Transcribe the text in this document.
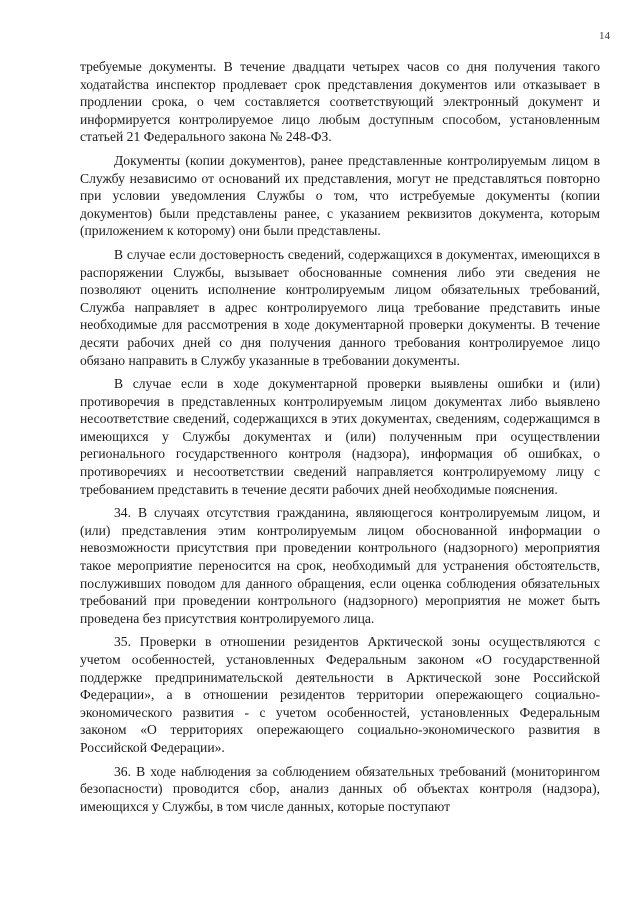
14

требуемые документы. В течение двадцати четырех часов со дня получения такого ходатайства инспектор продлевает срок представления документов или отказывает в продлении срока, о чем составляется соответствующий электронный документ и информируется контролируемое лицо любым доступным способом, установленным статьей 21 Федерального закона № 248-ФЗ.

Документы (копии документов), ранее представленные контролируемым лицом в Службу независимо от оснований их представления, могут не представляться повторно при условии уведомления Службы о том, что истребуемые документы (копии документов) были представлены ранее, с указанием реквизитов документа, которым (приложением к которому) они были представлены.

В случае если достоверность сведений, содержащихся в документах, имеющихся в распоряжении Службы, вызывает обоснованные сомнения либо эти сведения не позволяют оценить исполнение контролируемым лицом обязательных требований, Служба направляет в адрес контролируемого лица требование представить иные необходимые для рассмотрения в ходе документарной проверки документы. В течение десяти рабочих дней со дня получения данного требования контролируемое лицо обязано направить в Службу указанные в требовании документы.

В случае если в ходе документарной проверки выявлены ошибки и (или) противоречия в представленных контролируемым лицом документах либо выявлено несоответствие сведений, содержащихся в этих документах, сведениям, содержащимся в имеющихся у Службы документах и (или) полученным при осуществлении регионального государственного контроля (надзора), информация об ошибках, о противоречиях и несоответствии сведений направляется контролируемому лицу с требованием представить в течение десяти рабочих дней необходимые пояснения.

34. В случаях отсутствия гражданина, являющегося контролируемым лицом, и (или) представления этим контролируемым лицом обоснованной информации о невозможности присутствия при проведении контрольного (надзорного) мероприятия такое мероприятие переносится на срок, необходимый для устранения обстоятельств, послуживших поводом для данного обращения, если оценка соблюдения обязательных требований при проведении контрольного (надзорного) мероприятия не может быть проведена без присутствия контролируемого лица.

35. Проверки в отношении резидентов Арктической зоны осуществляются с учетом особенностей, установленных Федеральным законом «О государственной поддержке предпринимательской деятельности в Арктической зоне Российской Федерации», а в отношении резидентов территории опережающего социально-экономического развития - с учетом особенностей, установленных Федеральным законом «О территориях опережающего социально-экономического развития в Российской Федерации».

36. В ходе наблюдения за соблюдением обязательных требований (мониторингом безопасности) проводится сбор, анализ данных об объектах контроля (надзора), имеющихся у Службы, в том числе данных, которые поступают
